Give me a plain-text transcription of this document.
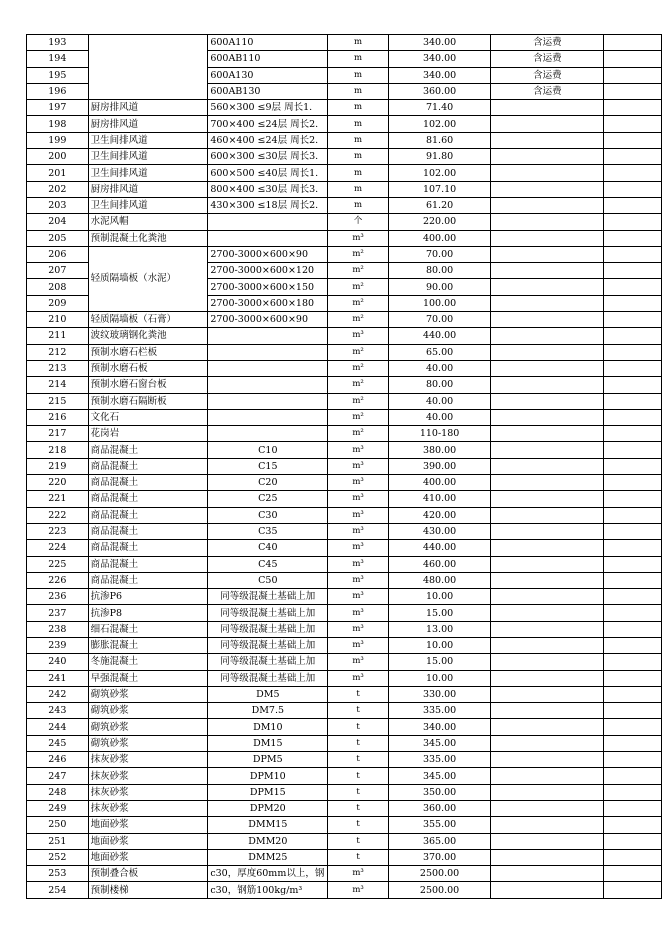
193		600A110	m	340.00	含运费	
194		600AB110	m	340.00	含运费	
195		600A130	m	340.00	含运费	
196		600AB130	m	360.00	含运费	
197	厨房排风道	560×300 ≤9层 周长1.	m	71.40		
198	厨房排风道	700×400 ≤24层 周长2.	m	102.00		
199	卫生间排风道	460×400 ≤24层 周长2.	m	81.60		
200	卫生间排风道	600×300 ≤30层 周长3.	m	91.80		
201	卫生间排风道	600×500 ≤40层 周长1.	m	102.00		
202	厨房排风道	800×400 ≤30层 周长3.	m	107.10		
203	卫生间排风道	430×300 ≤18层 周长2.	m	61.20		
204	水泥风帽		个	220.00		
205	预制混凝土化粪池		m³	400.00		
206	轻质隔墙板（水泥）	2700-3000×600×90	m²	70.00		
207		2700-3000×600×120	m²	80.00		
208		2700-3000×600×150	m²	90.00		
209		2700-3000×600×180	m²	100.00		
210	轻质隔墙板（石膏）	2700-3000×600×90	m²	70.00		
211	波纹玻璃钢化粪池		m³	440.00		
212	预制水磨石栏板		m²	65.00		
213	预制水磨石板		m²	40.00		
214	预制水磨石窗台板		m²	80.00		
215	预制水磨石隔断板		m²	40.00		
216	文化石		m²	40.00		
217	花岗岩		m²	110-180		
218	商品混凝土	C10	m³	380.00		
219	商品混凝土	C15	m³	390.00		
220	商品混凝土	C20	m³	400.00		
221	商品混凝土	C25	m³	410.00		
222	商品混凝土	C30	m³	420.00		
223	商品混凝土	C35	m³	430.00		
224	商品混凝土	C40	m³	440.00		
225	商品混凝土	C45	m³	460.00		
226	商品混凝土	C50	m³	480.00		
236	抗渗P6	同等级混凝土基础上加	m³	10.00		
237	抗渗P8	同等级混凝土基础上加	m³	15.00		
238	细石混凝土	同等级混凝土基础上加	m³	13.00		
239	膨胀混凝土	同等级混凝土基础上加	m³	10.00		
240	冬施混凝土	同等级混凝土基础上加	m³	15.00		
241	早强混凝土	同等级混凝土基础上加	m³	10.00		
242	砌筑砂浆	DM5	t	330.00		
243	砌筑砂浆	DM7.5	t	335.00		
244	砌筑砂浆	DM10	t	340.00		
245	砌筑砂浆	DM15	t	345.00		
246	抹灰砂浆	DPM5	t	335.00		
247	抹灰砂浆	DPM10	t	345.00		
248	抹灰砂浆	DPM15	t	350.00		
249	抹灰砂浆	DPM20	t	360.00		
250	地面砂浆	DMM15	t	355.00		
251	地面砂浆	DMM20	t	365.00		
252	地面砂浆	DMM25	t	370.00		
253	预制叠合板	c30，厚度60mm以上，钢	m³	2500.00		
254	预制楼梯	c30，钢筋100kg/m³	m³	2500.00		
